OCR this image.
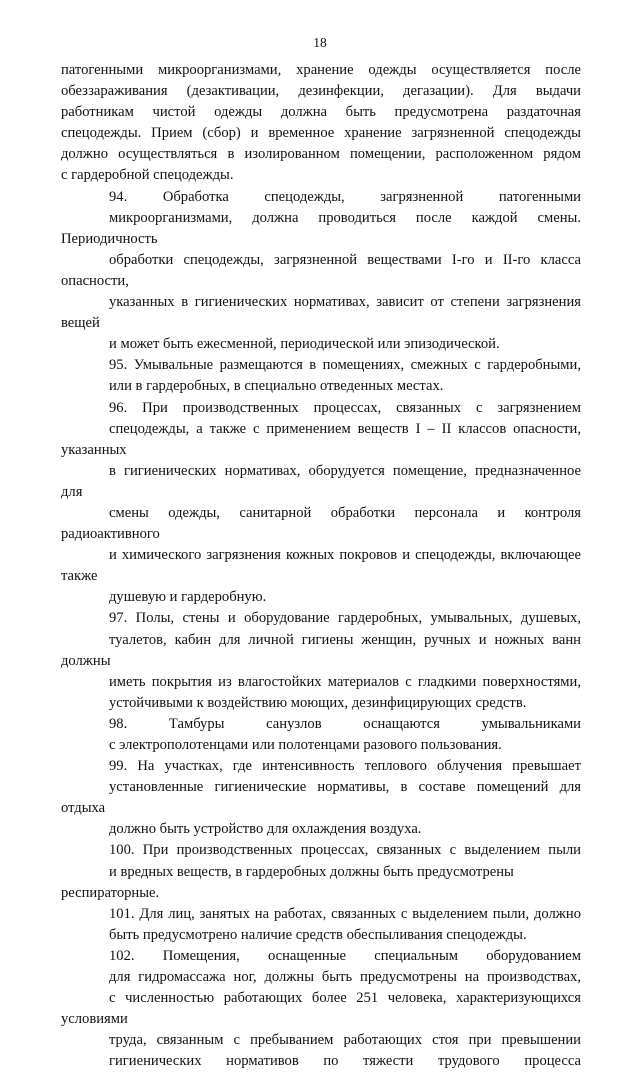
18
патогенными микроорганизмами, хранение одежды осуществляется после
обеззараживания (дезактивации, дезинфекции, дегазации). Для выдачи
работникам чистой одежды должна быть предусмотрена раздаточная
спецодежды. Прием (сбор) и временное хранение загрязненной спецодежды
должно осуществляться в изолированном помещении, расположенном рядом
с гардеробной спецодежды.
94. Обработка спецодежды, загрязненной патогенными
микроорганизмами, должна проводиться после каждой смены. Периодичность
обработки спецодежды, загрязненной веществами I-го и II-го класса опасности,
указанных в гигиенических нормативах, зависит от степени загрязнения вещей
и может быть ежесменной, периодической или эпизодической.
95. Умывальные размещаются в помещениях, смежных с гардеробными,
или в гардеробных, в специально отведенных местах.
96. При производственных процессах, связанных с загрязнением
спецодежды, а также с применением веществ I – II классов опасности, указанных
в гигиенических нормативах, оборудуется помещение, предназначенное для
смены одежды, санитарной обработки персонала и контроля радиоактивного
и химического загрязнения кожных покровов и спецодежды, включающее также
душевую и гардеробную.
97. Полы, стены и оборудование гардеробных, умывальных, душевых,
туалетов, кабин для личной гигиены женщин, ручных и ножных ванн должны
иметь покрытия из влагостойких материалов с гладкими поверхностями,
устойчивыми к воздействию моющих, дезинфицирующих средств.
98. Тамбуры санузлов оснащаются умывальниками
с электрополотенцами или полотенцами разового пользования.
99. На участках, где интенсивность теплового облучения превышает
установленные гигиенические нормативы, в составе помещений для отдыха
должно быть устройство для охлаждения воздуха.
100. При производственных процессах, связанных с выделением пыли
и вредных веществ, в гардеробных должны быть предусмотрены респираторные.
101. Для лиц, занятых на работах, связанных с выделением пыли, должно
быть предусмотрено наличие средств обеспыливания спецодежды.
102. Помещения, оснащенные специальным оборудованием
для гидромассажа ног, должны быть предусмотрены на производствах,
с численностью работающих более 251 человека, характеризующихся условиями
труда, связанным с пребыванием работающих стоя при превышении
гигиенических нормативов по тяжести трудового процесса
